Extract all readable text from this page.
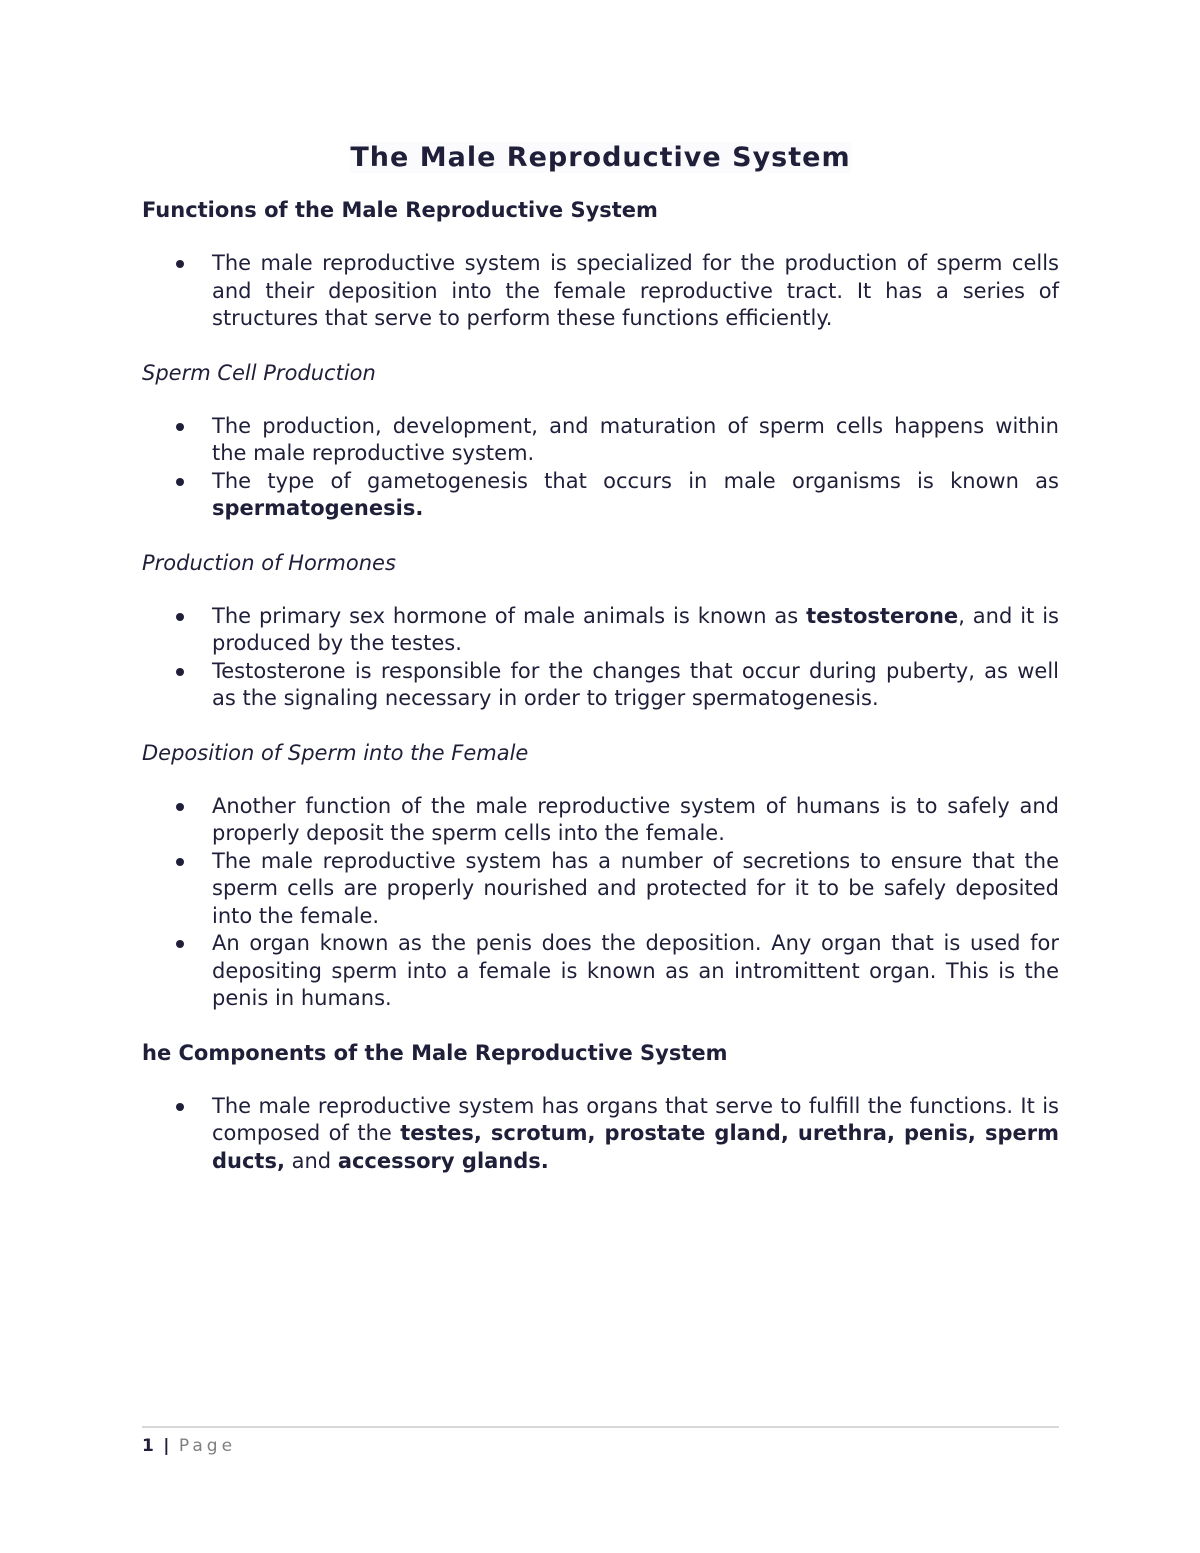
The Male Reproductive System
Functions of the Male Reproductive System
The male reproductive system is specialized for the production of sperm cells and their deposition into the female reproductive tract. It has a series of structures that serve to perform these functions efficiently.
Sperm Cell Production
The production, development, and maturation of sperm cells happens within the male reproductive system.
The type of gametogenesis that occurs in male organisms is known as spermatogenesis.
Production of Hormones
The primary sex hormone of male animals is known as testosterone, and it is produced by the testes.
Testosterone is responsible for the changes that occur during puberty, as well as the signaling necessary in order to trigger spermatogenesis.
Deposition of Sperm into the Female
Another function of the male reproductive system of humans is to safely and properly deposit the sperm cells into the female.
The male reproductive system has a number of secretions to ensure that the sperm cells are properly nourished and protected for it to be safely deposited into the female.
An organ known as the penis does the deposition. Any organ that is used for depositing sperm into a female is known as an intromittent organ. This is the penis in humans.
he Components of the Male Reproductive System
The male reproductive system has organs that serve to fulfill the functions. It is composed of the testes, scrotum, prostate gland, urethra, penis, sperm ducts, and accessory glands.
1 | Page
